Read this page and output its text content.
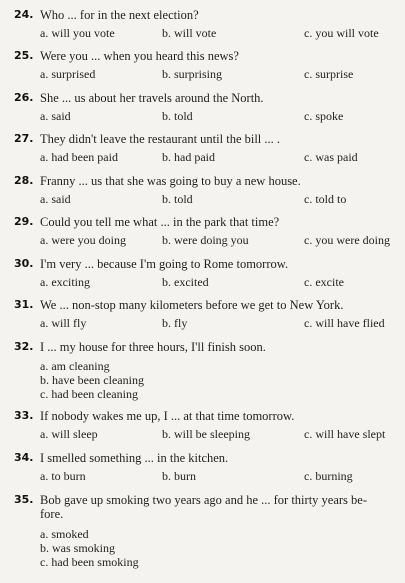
24. Who ... for in the next election?
a. will you vote	b. will vote	c. you will vote
25. Were you ... when you heard this news?
a. surprised	b. surprising	c. surprise
26. She ... us about her travels around the North.
a. said	b. told	c. spoke
27. They didn't leave the restaurant until the bill ... .
a. had been paid	b. had paid	c. was paid
28. Franny ... us that she was going to buy a new house.
a. said	b. told	c. told to
29. Could you tell me what ... in the park that time?
a. were you doing	b. were doing you	c. you were doing
30. I'm very ... because I'm going to Rome tomorrow.
a. exciting	b. excited	c. excite
31. We ... non-stop many kilometers before we get to New York.
a. will fly	b. fly	c. will have flied
32. I ... my house for three hours, I'll finish soon.
a. am cleaning
b. have been cleaning
c. had been cleaning
33. If nobody wakes me up, I ... at that time tomorrow.
a. will sleep	b. will be sleeping	c. will have slept
34. I smelled something ... in the kitchen.
a. to burn	b. burn	c. burning
35. Bob gave up smoking two years ago and he ... for thirty years be-
fore.
a. smoked
b. was smoking
c. had been smoking
